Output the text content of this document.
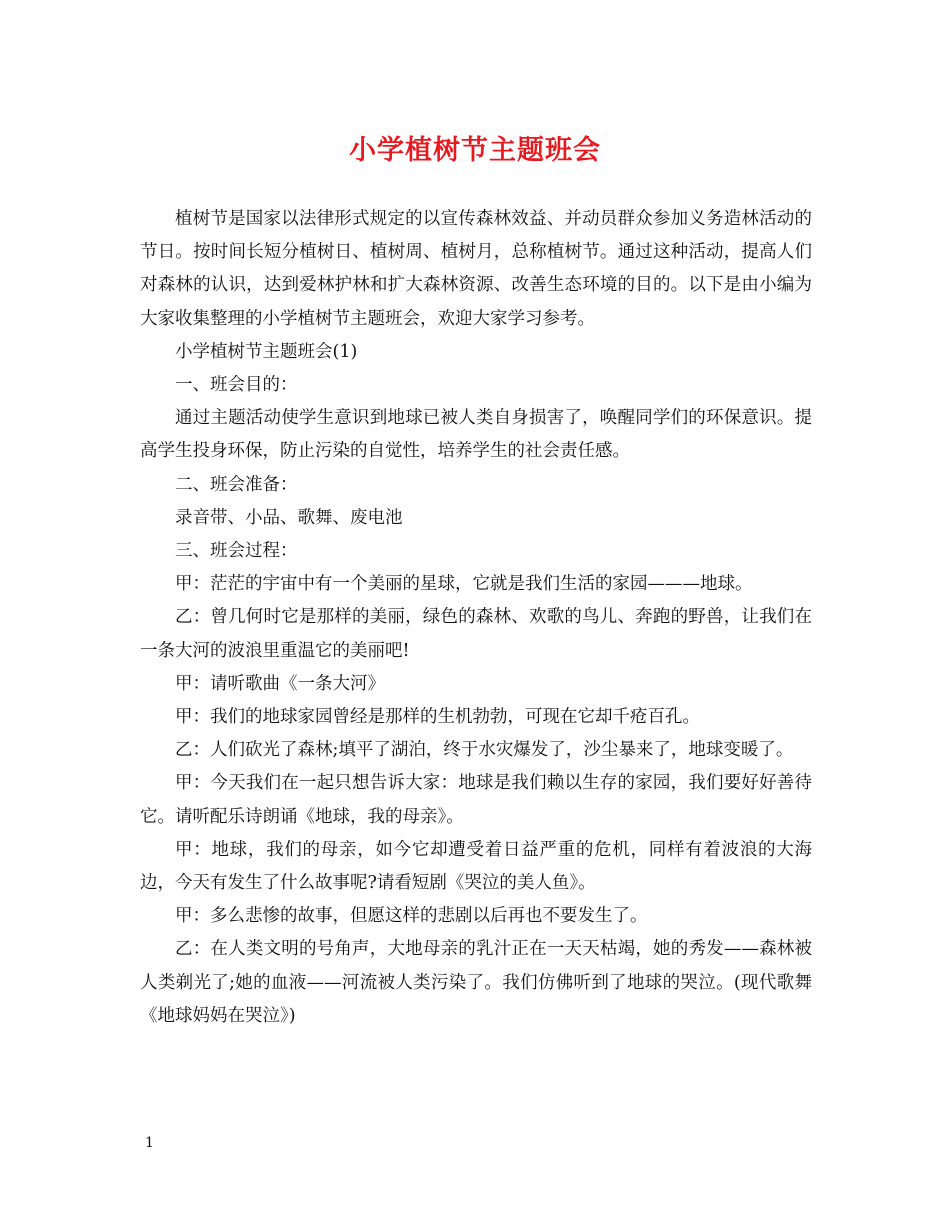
小学植树节主题班会

植树节是国家以法律形式规定的以宣传森林效益、并动员群众参加义务造林活动的节日。按时间长短分植树日、植树周、植树月，总称植树节。通过这种活动，提高人们对森林的认识，达到爱林护林和扩大森林资源、改善生态环境的目的。以下是由小编为大家收集整理的小学植树节主题班会，欢迎大家学习参考。

小学植树节主题班会(1)

一、班会目的：

通过主题活动使学生意识到地球已被人类自身损害了，唤醒同学们的环保意识。提高学生投身环保，防止污染的自觉性，培养学生的社会责任感。

二、班会准备：

录音带、小品、歌舞、废电池

三、班会过程：

甲：茫茫的宇宙中有一个美丽的星球，它就是我们生活的家园———地球。

乙：曾几何时它是那样的美丽，绿色的森林、欢歌的鸟儿、奔跑的野兽，让我们在一条大河的波浪里重温它的美丽吧!

甲：请听歌曲《一条大河》

甲：我们的地球家园曾经是那样的生机勃勃，可现在它却千疮百孔。

乙：人们砍光了森林;填平了湖泊，终于水灾爆发了，沙尘暴来了，地球变暖了。

甲：今天我们在一起只想告诉大家：地球是我们赖以生存的家园，我们要好好善待它。请听配乐诗朗诵《地球，我的母亲》。

甲：地球，我们的母亲，如今它却遭受着日益严重的危机，同样有着波浪的大海边，今天有发生了什么故事呢?请看短剧《哭泣的美人鱼》。

甲：多么悲惨的故事，但愿这样的悲剧以后再也不要发生了。

乙：在人类文明的号角声，大地母亲的乳汁正在一天天枯竭，她的秀发——森林被人类剃光了;她的血液——河流被人类污染了。我们仿佛听到了地球的哭泣。(现代歌舞《地球妈妈在哭泣》)

1
